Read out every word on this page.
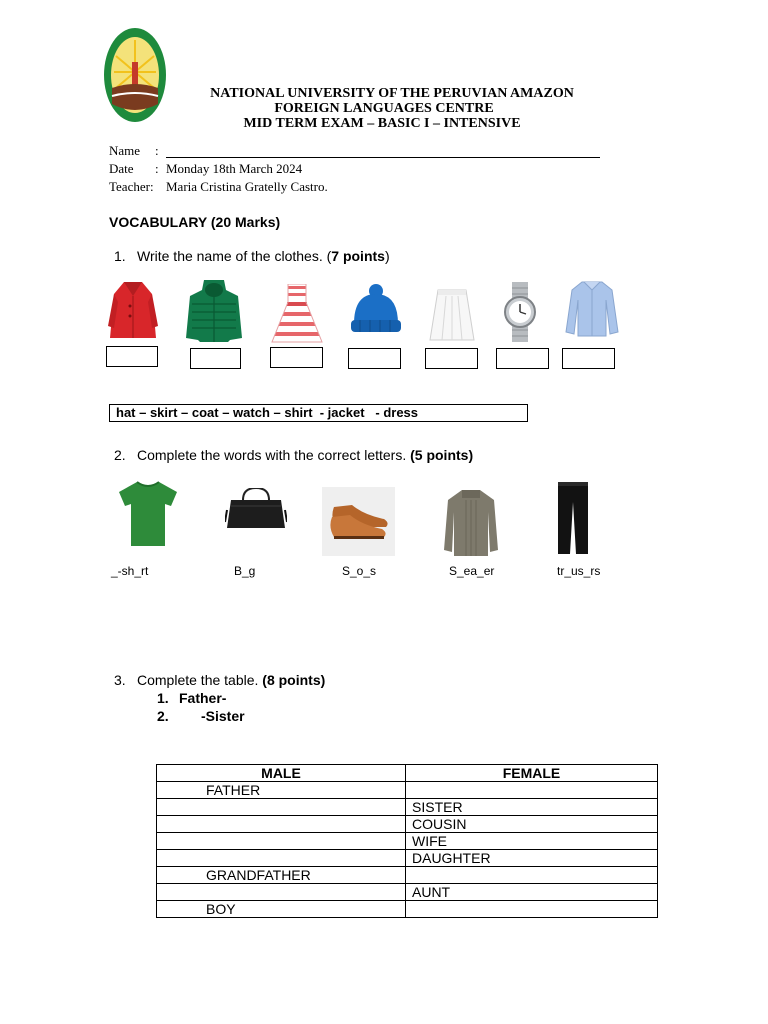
NATIONAL UNIVERSITY OF THE PERUVIAN AMAZON
FOREIGN LANGUAGES CENTRE
MID TERM EXAM – BASIC I – INTENSIVE
Name :
Date : Monday 18th March 2024
Teacher: Maria Cristina Gratelly Castro.
VOCABULARY (20 Marks)
1. Write the name of the clothes. (7 points)
hat – skirt – coat – watch – shirt  - jacket   - dress
2. Complete the words with the correct letters. (5 points)
_-sh_rt	B_g	S_o_s	S_ea_er	tr_us_rs
3. Complete the table. (8 points)
1. Father-
2. -Sister
MALE	FEMALE
FATHER	
	SISTER
	COUSIN
	WIFE
	DAUGHTER
GRANDFATHER	
	AUNT
BOY	
